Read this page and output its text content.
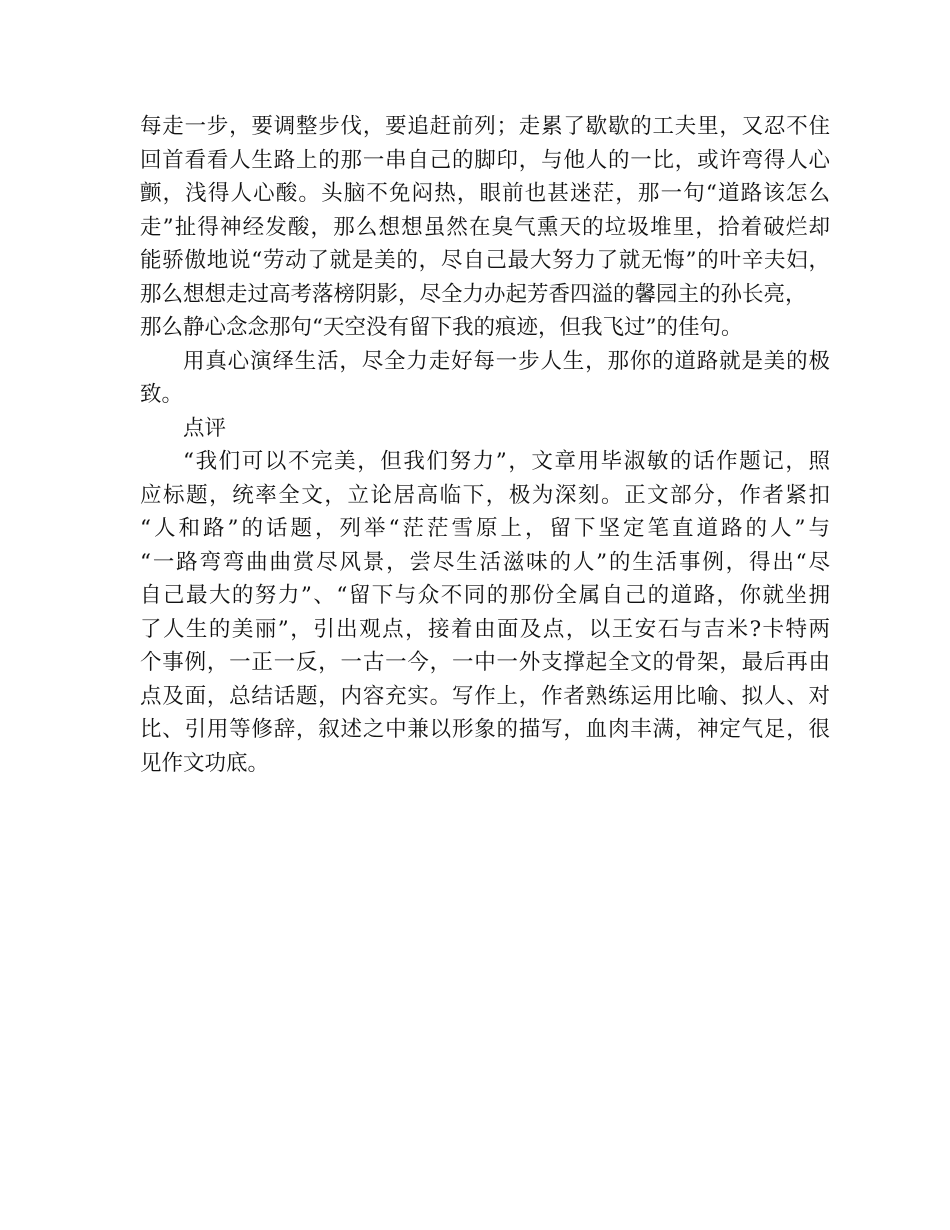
每走一步，要调整步伐，要追赶前列；走累了歇歇的工夫里，又忍不住
回首看看人生路上的那一串自己的脚印，与他人的一比，或许弯得人心
颤，浅得人心酸。头脑不免闷热，眼前也甚迷茫，那一句“道路该怎么
走”扯得神经发酸，那么想想虽然在臭气熏天的垃圾堆里，拾着破烂却
能骄傲地说“劳动了就是美的，尽自己最大努力了就无悔”的叶辛夫妇，
那么想想走过高考落榜阴影，尽全力办起芳香四溢的馨园主的孙长亮，
那么静心念念那句“天空没有留下我的痕迹，但我飞过”的佳句。
用真心演绎生活，尽全力走好每一步人生，那你的道路就是美的极
致。
点评
“我们可以不完美，但我们努力”，文章用毕淑敏的话作题记，照
应标题，统率全文，立论居高临下，极为深刻。正文部分，作者紧扣
“人和路”的话题，列举“茫茫雪原上，留下坚定笔直道路的人”与
“一路弯弯曲曲赏尽风景，尝尽生活滋味的人”的生活事例，得出“尽
自己最大的努力”、“留下与众不同的那份全属自己的道路，你就坐拥
了人生的美丽”，引出观点，接着由面及点，以王安石与吉米?卡特两
个事例，一正一反，一古一今，一中一外支撑起全文的骨架，最后再由
点及面，总结话题，内容充实。写作上，作者熟练运用比喻、拟人、对
比、引用等修辞，叙述之中兼以形象的描写，血肉丰满，神定气足，很
见作文功底。
